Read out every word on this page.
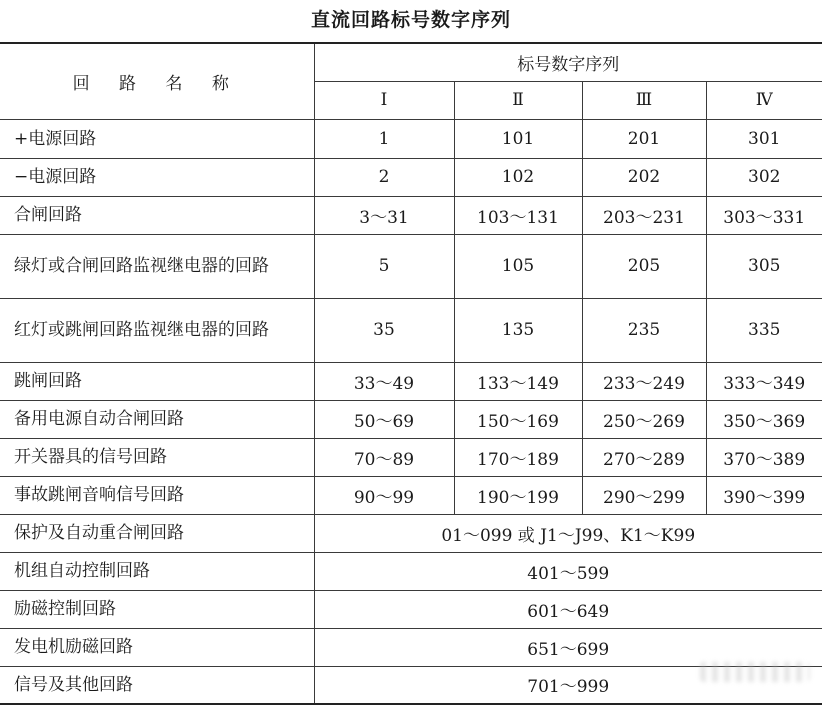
直流回路标号数字序列
回 路 名 称	标号数字序列			
	Ⅰ	Ⅱ	Ⅲ	Ⅳ
+电源回路	1	101	201	301
−电源回路	2	102	202	302
合闸回路	3～31	103～131	203～231	303～331
绿灯或合闸回路监视继电器的回路	5	105	205	305
红灯或跳闸回路监视继电器的回路	35	135	235	335
跳闸回路	33～49	133～149	233～249	333～349
备用电源自动合闸回路	50～69	150～169	250～269	350～369
开关器具的信号回路	70～89	170～189	270～289	370～389
事故跳闸音响信号回路	90～99	190～199	290～299	390～399
保护及自动重合闸回路	01～099 或 J1～J99、K1～K99			
机组自动控制回路	401～599			
励磁控制回路	601～649			
发电机励磁回路	651～699			
信号及其他回路	701～999			
